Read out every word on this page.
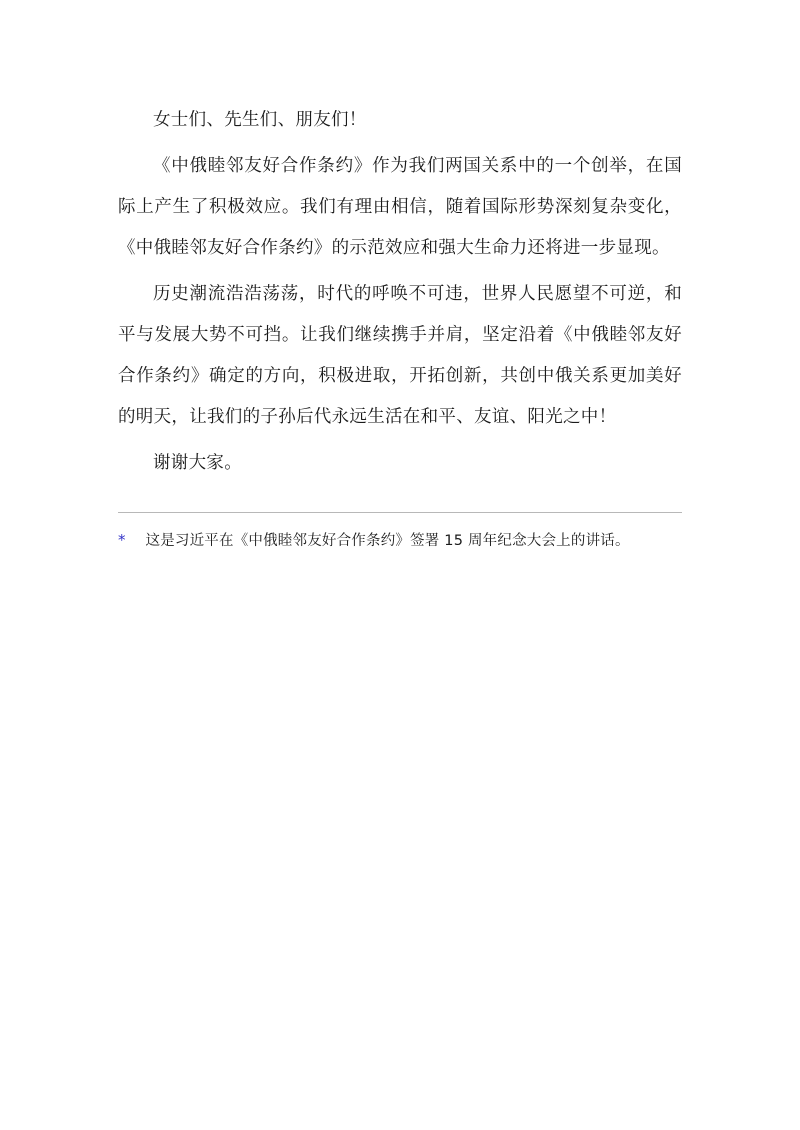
女士们、先生们、朋友们！

《中俄睦邻友好合作条约》作为我们两国关系中的一个创举，在国际上产生了积极效应。我们有理由相信，随着国际形势深刻复杂变化，《中俄睦邻友好合作条约》的示范效应和强大生命力还将进一步显现。

历史潮流浩浩荡荡，时代的呼唤不可违，世界人民愿望不可逆，和平与发展大势不可挡。让我们继续携手并肩，坚定沿着《中俄睦邻友好合作条约》确定的方向，积极进取，开拓创新，共创中俄关系更加美好的明天，让我们的子孙后代永远生活在和平、友谊、阳光之中！

谢谢大家。

* 这是习近平在《中俄睦邻友好合作条约》签署 15 周年纪念大会上的讲话。
